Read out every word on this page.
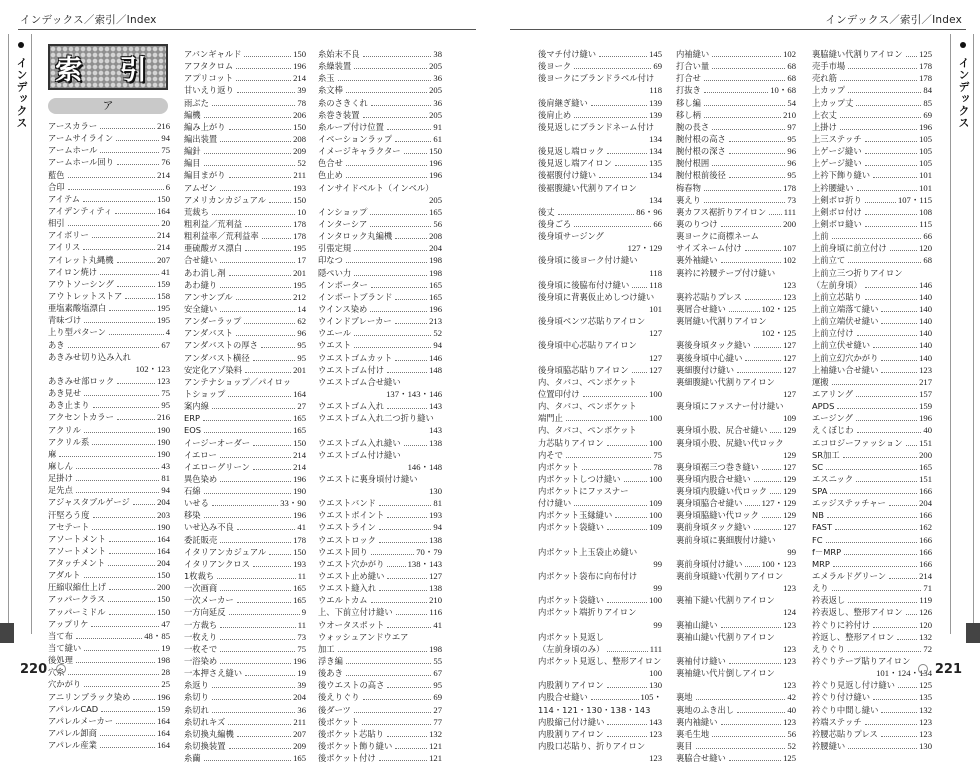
インデックス／索引／Index
インデックス 索 引
ア
アースカラー	216
アームサイライン	94
アームホール	75
アームホール回り	76
藍色	214
合印	6
アイテム	150
アイデンティティ	164
相引	20
アイボリー	214
アイリス	214
アイレット丸縄機	207
アイロン焼け	41
アウトソーシング	159
アウトレットストア	158
亜塩素酸塩漂白	195
青味づけ	195
上り型パターン	4
あき	67
あきみせ切り込み入れ
102・123
あきみせ部ロック	123
あき見せ	75
あき止まり	95
アクセントカラー	216
アクリル	190
アクリル系	190
麻	190
麻しん	43
足掛け	81
足先点	94
アジャスタブルゲージ	204
汗堅ろう度	203
アセテート	190
アソートメント	164
アソートメント	164
アタッチメント	204
アダルト	150
圧縮収縮仕上げ	200
アッパークラス	150
アッパーミドル	150
アップリケ	47
当て布	48・85
当て縫い	19
後処理	198
穴糸	28
穴かがり	25
アニリンブラック染め	196
アパレルCAD	159
アパレルメーカー	164
アパレル卸商	164
アパレル産業	164
アバンギャルド	150
アフタクロム	196
アプリコット	214
甘いえり返り	39
雨ぶた	78
編機	206
編み上がり	150
編出装置	208
編針	209
編目	52
編目まがり	211
アムゼン	193
アメリカンカジュアル	150
荒裁ち	10
粗利益／荒利益	178
粗利益率／荒利益率	178
亜硫酸ガス漂白	195
合せ縫い	17
あわ消し剤	201
あわ縫り	195
アンサンブル	212
安全縫い	14
アンダーラップ	62
アンダバスト	96
アンダバストの厚さ	95
アンダバスト横径	95
安定化アゾ染料	201
アンテナショップ／パイロッ
トショップ	164
案内線	27
ERP	165
EOS	165
イージーオーダー	150
イエロー	214
イエローグリーン	214
異色染め	196
石綿	190
いせる	33・90
移染	196
いせ込み不良	41
委託販売	178
イタリアンカジュアル	150
イタリアンクロス	193
1枚裁ち	11
一次画商	165
一次メーカー	165
一方向延反	9
一方裁ち	11
一枚えり	73
一枚そで	75
一浴染め	196
一本押さえ縫い	19
糸返り	39
糸切り	204
糸切れ	36
糸切れキズ	211
糸切換丸編機	207
糸切換装置	209
糸繭	165
糸始末不良	38
糸繰装置	205
糸玉	36
糸文棒	205
糸のさきくれ	36
糸巻き装置	205
糸ループ付け位置	91
イベーションラップ	61
イメージキャラクター	150
色合せ	196
色止め	196
インサイドベルト（インベル）
205
インショップ	165
インターシア	56
インタロック丸編機	208
引張定規	204
印なつ	198
隠ぺい力	198
インポーター	165
インポートブランド	165
ウインス染め	196
ウインドブレーカー	213
ウエール	52
ウエスト	94
ウエストゴムカット	146
ウエストゴム付け	148
ウエストゴム合せ縫い
137・143・146
ウエストゴム入れ	143
ウエストゴム入れ二つ折り縫い
143
ウエストゴム入れ縫い	138
ウエストゴム付け縫い
146・148
ウエストに裏身頃付け縫い
130
ウエストバンド	81
ウエストポイント	193
ウエストライン	94
ウエストロック	138
ウエスト回り	70・79
ウエスト穴かがり	138・143
ウエスト止め縫い	127
ウエスト縫入れ	138
ウエルトカム	210
上、下前立付け縫い	116
ウオータスポット	41
ウォッシュアンドウエア
加工	198
浮き編	55
後あき	67
後ウエストの高さ	95
後えりぐり	69
後ダーツ	27
後ポケット	77
後ポケット芯貼り	132
後ポケット飾り縫い	121
後ポケット付け	121
220
インデックス／索引／Index
後マチ付け縫い	145
後ヨーク	69
後ヨークにブランドラベル付け
118
後肩継ぎ縫い	139
後肩止め	139
後見返しにブランドネーム付け
134
後見返し端ロック	134
後見返し端アイロン	135
後裾腹付け縫い	134
後裾腹縫い代割りアイロン
134
後丈	86・96
後身ごろ	66
後身頃サージング
127・129
後身頃に後ヨーク付け縫い
118
後身頃に後脇布付け縫い 118
後身頃に背裏仮止めしつけ縫い
101
後身頃ベンツ芯貼りアイロン
127
後身頃中心芯貼りアイロン
127
後身頃脇芯貼りアイロン 127
内、タバコ、ペンポケット
位置印付け	100
内、タバコ、ペンポケット
端門止	100
内、タバコ、ペンポケット
力芯貼りアイロン	100
内そで	75
内ポケット	78
内ポケットしつけ縫い	100
内ポケットにファスナー
付け縫い	109
内ポケット玉縁縫い	100
内ポケット袋縫い	109
内ポケット上玉袋止め縫い
99
内ポケット袋布に向布付け
99
内ポケット袋縫い	100
内ポケット端折りアイロン
99
内ポケット見返し
（左前身頃のみ）	111
内ポケット見返し、整形アイロン
100
内股割りアイロン	130
内股合せ縫い	105・
114・121・130・138・143
内股縮己付け縫い	143
内股割りアイロン	123
内股口芯貼り、折りアイロン
123
内袖縫い	102
打合い量	68
打合せ	68
打抜き	10・68
移し編	54
移し柄	210
腕の長さ	97
腕付根の高さ	95
腕付根の深さ	96
腕付根囲	96
腕付根前後径	95
梅春物	178
裏えり	73
裏カフス裾折りアイロン 111
裏のりつけ	200
裏ヨークに商標ネーム
サイズネーム付け	107
裏外袖縫い	102
裏衿に衿腰テープ付け縫い
123
裏衿芯貼りプレス	123
裏屑合せ縫い	102・125
裏屑縫い代割りアイロン
102・125
裏後身頃タック縫い	127
裏後身頃中心縫い	127
裏細腹付け縫い	127
裏細腹縫い代割りアイロン
127
裏身頃にファスナー付け縫い
109
裏身頃小股、尻合せ縫い 129
裏身頃小股、尻縫い代ロック
129
裏身頃裾三つ巻き縫い	127
裏身頃内股合せ縫い	129
裏身頃内股縫い代ロック 129
裏身頃脇合せ縫い 127・129
裏身頃脇縫い代ロック	129
裏前身頃タック縫い	127
裏前身頃に裏細腹付け縫い
99
裏前身頃付け縫い 100・123
裏前身頃縫い代割りアイロン
123
裏袖下縫い代割りアイロン
124
裏袖山縫い	123
裏袖山縫い代割りアイロン
123
裏袖付け縫い	123
裏袖縫い代片倒しアイロン
123
裏地	42
裏地のふき出し	40
裏内袖縫い	123
裏毛生地	56
裏目	52
裏脇合せ縫い	125
裏脇縫い代割りアイロン 125
売手市場	178
売れ筋	178
上カップ	84
上カップ丈	85
上衣丈	69
上掛け	196
上三ステッチ	105
上ゲージ縫い	105
上ゲージ縫い	105
上衿下飾り縫い	101
上衿腰縫い	101
上剣ボロ折り	107・115
上剣ボロ付け	108
上剣ボロ縫い	115
上前	66
上前身頃に前立付け	120
上前立て	68
上前立三つ折りアイロン
（左前身頃）	146
上前立芯貼り	140
上前立端落て縫い	140
上前立端伏せ縫い	140
上前立付け	140
上前立伏せ縫い	140
上前立幻穴かがり	140
上袖縫い合せ縫い	123
運搬	217
エアリング	157
APDS	159
エージング	196
えくぼじわ	40
エコロジーファッション 151
SR加工	200
SC	165
エスニック	151
SPA	166
エッジステッチャー	204
NB	166
FAST	162
FC	166
f－MRP	166
MRP	166
エメラルドグリーン	214
えり	71
衿表返し	119
衿表返し、整形アイロン 126
衿ぐりに衿付け	120
衿返し、整形アイロン	132
えりぐり	72
衿ぐりテープ貼りアイロン
101・124・134
衿ぐり見返し付け縫い	125
衿ぐり付け縫い	135
衿ぐり中間し縫い	132
衿端ステッチ	123
衿腰芯貼りプレス	123
衿腰縫い	130
インデックス
221
